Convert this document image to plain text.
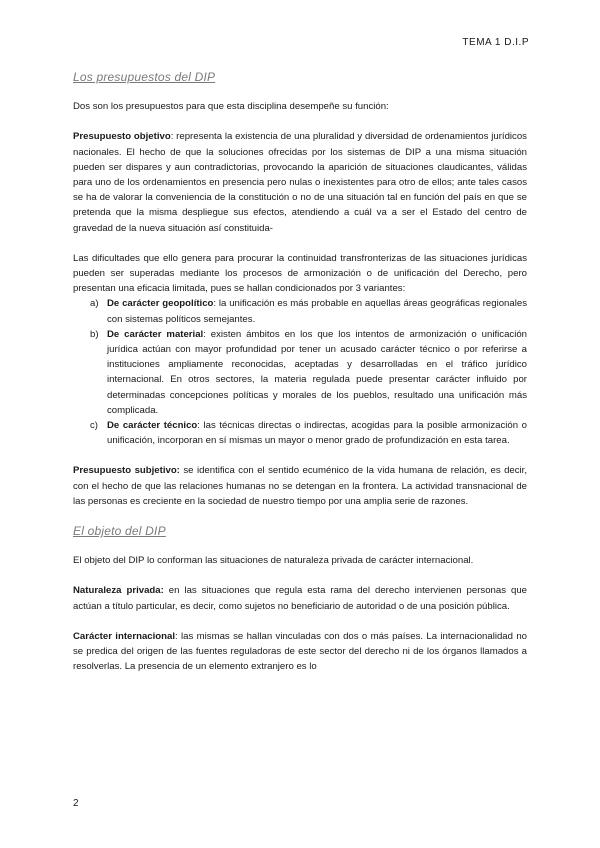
TEMA 1 D.I.P
Los presupuestos del DIP

Dos son los presupuestos para que esta disciplina desempeñe su función:

Presupuesto objetivo: representa la existencia de una pluralidad y diversidad de ordenamientos jurídicos nacionales. El hecho de que la soluciones ofrecidas por los sistemas de DIP a una misma situación pueden ser dispares y aun contradictorias, provocando la aparición de situaciones claudicantes, válidas para uno de los ordenamientos en presencia pero nulas o inexistentes para otro de ellos; ante tales casos se ha de valorar la conveniencia de la constitución o no de una situación tal en función del país en que se pretenda que la misma despliegue sus efectos, atendiendo a cuál va a ser el Estado del centro de gravedad de la nueva situación así constituida-

Las dificultades que ello genera para procurar la continuidad transfronterizas de las situaciones jurídicas pueden ser superadas mediante los procesos de armonización o de unificación del Derecho, pero presentan una eficacia limitada, pues se hallan condicionados por 3 variantes:

a) De carácter geopolítico: la unificación es más probable en aquellas áreas geográficas regionales con sistemas políticos semejantes.
b) De carácter material: existen ámbitos en los que los intentos de armonización o unificación jurídica actúan con mayor profundidad por tener un acusado carácter técnico o por referirse a instituciones ampliamente reconocidas, aceptadas y desarrolladas en el tráfico jurídico internacional. En otros sectores, la materia regulada puede presentar carácter influido por determinadas concepciones políticas y morales de los pueblos, resultado una unificación más complicada.
c) De carácter técnico: las técnicas directas o indirectas, acogidas para la posible armonización o unificación, incorporan en sí mismas un mayor o menor grado de profundización en esta tarea.

Presupuesto subjetivo: se identifica con el sentido ecuménico de la vida humana de relación, es decir, con el hecho de que las relaciones humanas no se detengan en la frontera. La actividad transnacional de las personas es creciente en la sociedad de nuestro tiempo por una amplia serie de razones.

El objeto del DIP

El objeto del DIP lo conforman las situaciones de naturaleza privada de carácter internacional.

Naturaleza privada: en las situaciones que regula esta rama del derecho intervienen personas que actúan a título particular, es decir, como sujetos no beneficiario de autoridad o de una posición pública.

Carácter internacional: las mismas se hallan vinculadas con dos o más países. La internacionalidad no se predica del origen de las fuentes reguladoras de este sector del derecho ni de los órganos llamados a resolverlas. La presencia de un elemento extranjero es lo

2
